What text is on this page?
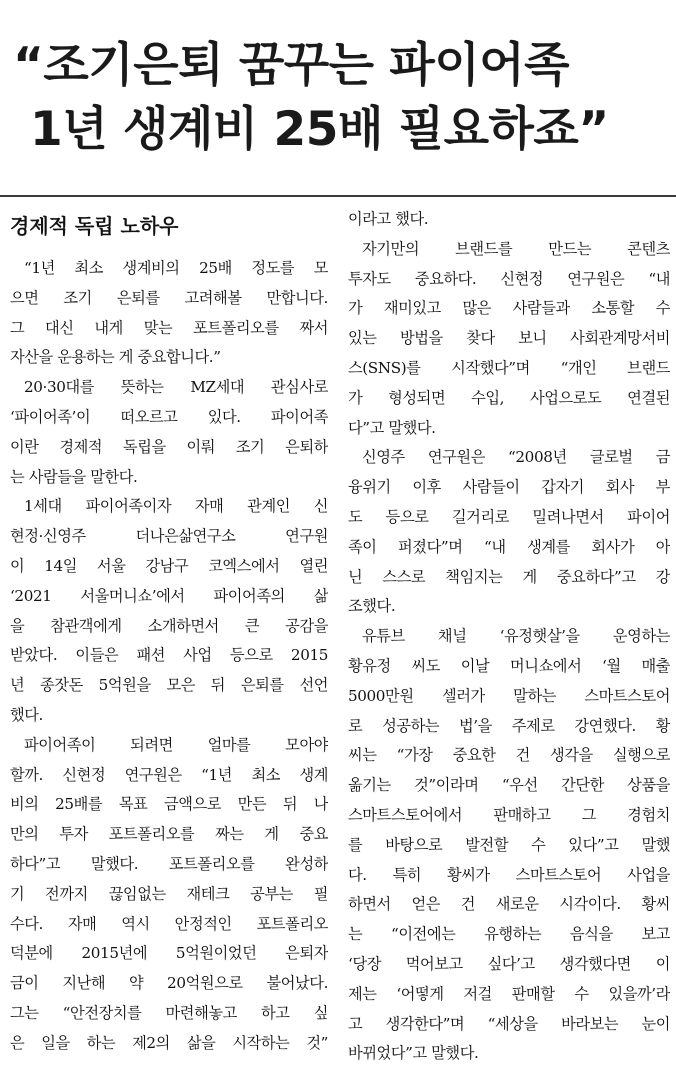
“조기은퇴 꿈꾸는 파이어족
1년 생계비 25배 필요하죠”
경제적 독립 노하우
“1년 최소 생계비의 25배 정도를 모
으면 조기 은퇴를 고려해볼 만합니다.
그 대신 내게 맞는 포트폴리오를 짜서
자산을 운용하는 게 중요합니다.”
20·30대를 뜻하는 MZ세대 관심사로
‘파이어족’이 떠오르고 있다. 파이어족
이란 경제적 독립을 이뤄 조기 은퇴하
는 사람들을 말한다.
1세대 파이어족이자 자매 관계인 신
현정·신영주 더나은삶연구소 연구원
이 14일 서울 강남구 코엑스에서 열린
‘2021 서울머니쇼’에서 파이어족의 삶
을 참관객에게 소개하면서 큰 공감을
받았다. 이들은 패션 사업 등으로 2015
년 종잣돈 5억원을 모은 뒤 은퇴를 선언
했다.
파이어족이 되려면 얼마를 모아야
할까. 신현정 연구원은 “1년 최소 생계
비의 25배를 목표 금액으로 만든 뒤 나
만의 투자 포트폴리오를 짜는 게 중요
하다”고 말했다. 포트폴리오를 완성하
기 전까지 끊임없는 재테크 공부는 필
수다. 자매 역시 안정적인 포트폴리오
덕분에 2015년에 5억원이었던 은퇴자
금이 지난해 약 20억원으로 불어났다.
그는 “안전장치를 마련해놓고 하고 싶
은 일을 하는 제2의 삶을 시작하는 것”
이라고 했다.
자기만의 브랜드를 만드는 콘텐츠
투자도 중요하다. 신현정 연구원은 “내
가 재미있고 많은 사람들과 소통할 수
있는 방법을 찾다 보니 사회관계망서비
스(SNS)를 시작했다”며 “개인 브랜드
가 형성되면 수입, 사업으로도 연결된
다”고 말했다.
신영주 연구원은 “2008년 글로벌 금
융위기 이후 사람들이 갑자기 회사 부
도 등으로 길거리로 밀려나면서 파이어
족이 퍼졌다”며 “내 생계를 회사가 아
닌 스스로 책임지는 게 중요하다”고 강
조했다.
유튜브 채널 ‘유정햇살’을 운영하는
황유정 씨도 이날 머니쇼에서 ‘월 매출
5000만원 셀러가 말하는 스마트스토어
로 성공하는 법’을 주제로 강연했다. 황
씨는 “가장 중요한 건 생각을 실행으로
옮기는 것”이라며 “우선 간단한 상품을
스마트스토어에서 판매하고 그 경험치
를 바탕으로 발전할 수 있다”고 말했
다. 특히 황씨가 스마트스토어 사업을
하면서 얻은 건 새로운 시각이다. 황씨
는 “이전에는 유행하는 음식을 보고
‘당장 먹어보고 싶다’고 생각했다면 이
제는 ‘어떻게 저걸 판매할 수 있을까’라
고 생각한다”며 “세상을 바라보는 눈이
바뀌었다”고 말했다.
